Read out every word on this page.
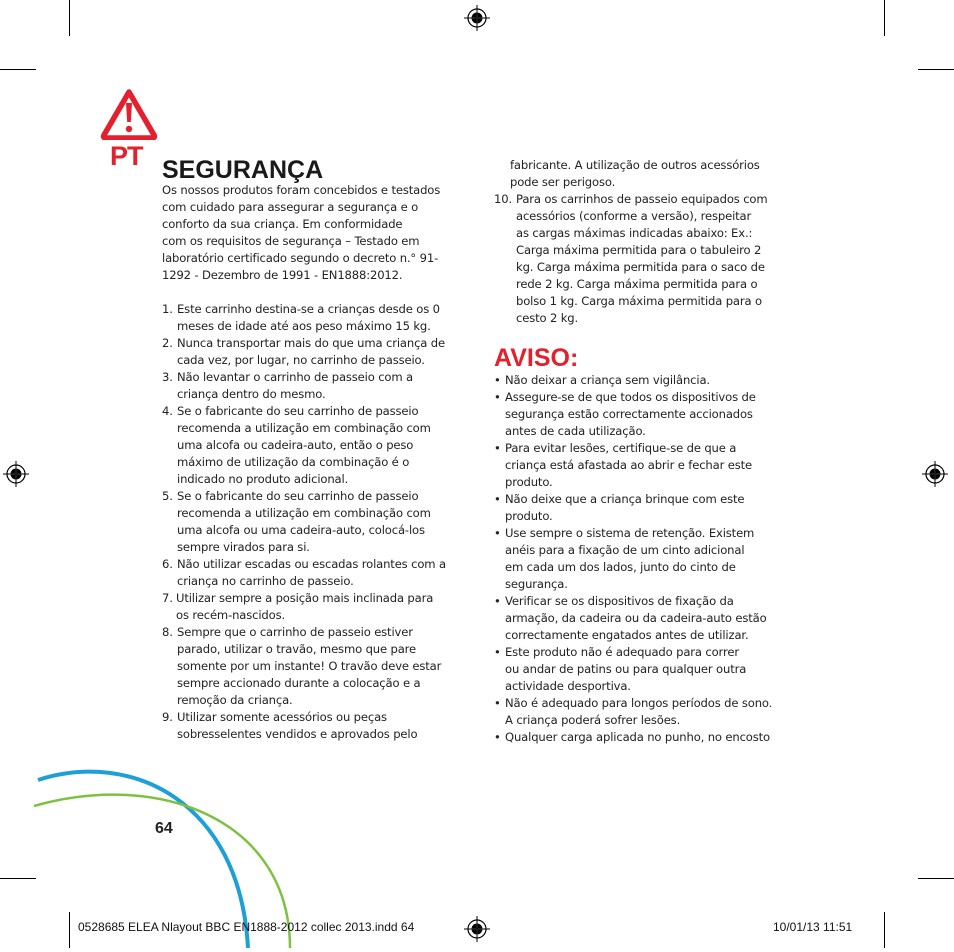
PT SEGURANÇA
Os nossos produtos foram concebidos e testados
com cuidado para assegurar a segurança e o
conforto da sua criança. Em conformidade
com os requisitos de segurança – Testado em
laboratório certificado segundo o decreto n.° 91-
1292 - Dezembro de 1991 - EN1888:2012.
1. Este carrinho destina-se a crianças desde os 0
meses de idade até aos peso máximo 15 kg.
2. Nunca transportar mais do que uma criança de
cada vez, por lugar, no carrinho de passeio.
3. Não levantar o carrinho de passeio com a
criança dentro do mesmo.
4. Se o fabricante do seu carrinho de passeio
recomenda a utilização em combinação com
uma alcofa ou cadeira-auto, então o peso
máximo de utilização da combinação é o
indicado no produto adicional.
5. Se o fabricante do seu carrinho de passeio
recomenda a utilização em combinação com
uma alcofa ou uma cadeira-auto, colocá-los
sempre virados para si.
6. Não utilizar escadas ou escadas rolantes com a
criança no carrinho de passeio.
7. Utilizar sempre a posição mais inclinada para
os recém-nascidos.
8. Sempre que o carrinho de passeio estiver
parado, utilizar o travão, mesmo que pare
somente por um instante! O travão deve estar
sempre accionado durante a colocação e a
remoção da criança.
9. Utilizar somente acessórios ou peças
sobresselentes vendidos e aprovados pelo
fabricante. A utilização de outros acessórios
pode ser perigoso.
10. Para os carrinhos de passeio equipados com
acessórios (conforme a versão), respeitar
as cargas máximas indicadas abaixo: Ex.:
Carga máxima permitida para o tabuleiro 2
kg. Carga máxima permitida para o saco de
rede 2 kg. Carga máxima permitida para o
bolso 1 kg. Carga máxima permitida para o
cesto 2 kg.
AVISO:
• Não deixar a criança sem vigilância.
• Assegure-se de que todos os dispositivos de
segurança estão correctamente accionados
antes de cada utilização.
• Para evitar lesões, certifique-se de que a
criança está afastada ao abrir e fechar este
produto.
• Não deixe que a criança brinque com este
produto.
• Use sempre o sistema de retenção. Existem
anéis para a fixação de um cinto adicional
em cada um dos lados, junto do cinto de
segurança.
• Verificar se os dispositivos de fixação da
armação, da cadeira ou da cadeira-auto estão
correctamente engatados antes de utilizar.
• Este produto não é adequado para correr
ou andar de patins ou para qualquer outra
actividade desportiva.
• Não é adequado para longos períodos de sono.
A criança poderá sofrer lesões.
• Qualquer carga aplicada no punho, no encosto
64
0528685 ELEA Nlayout BBC EN1888-2012 collec 2013.indd 64	10/01/13 11:51
